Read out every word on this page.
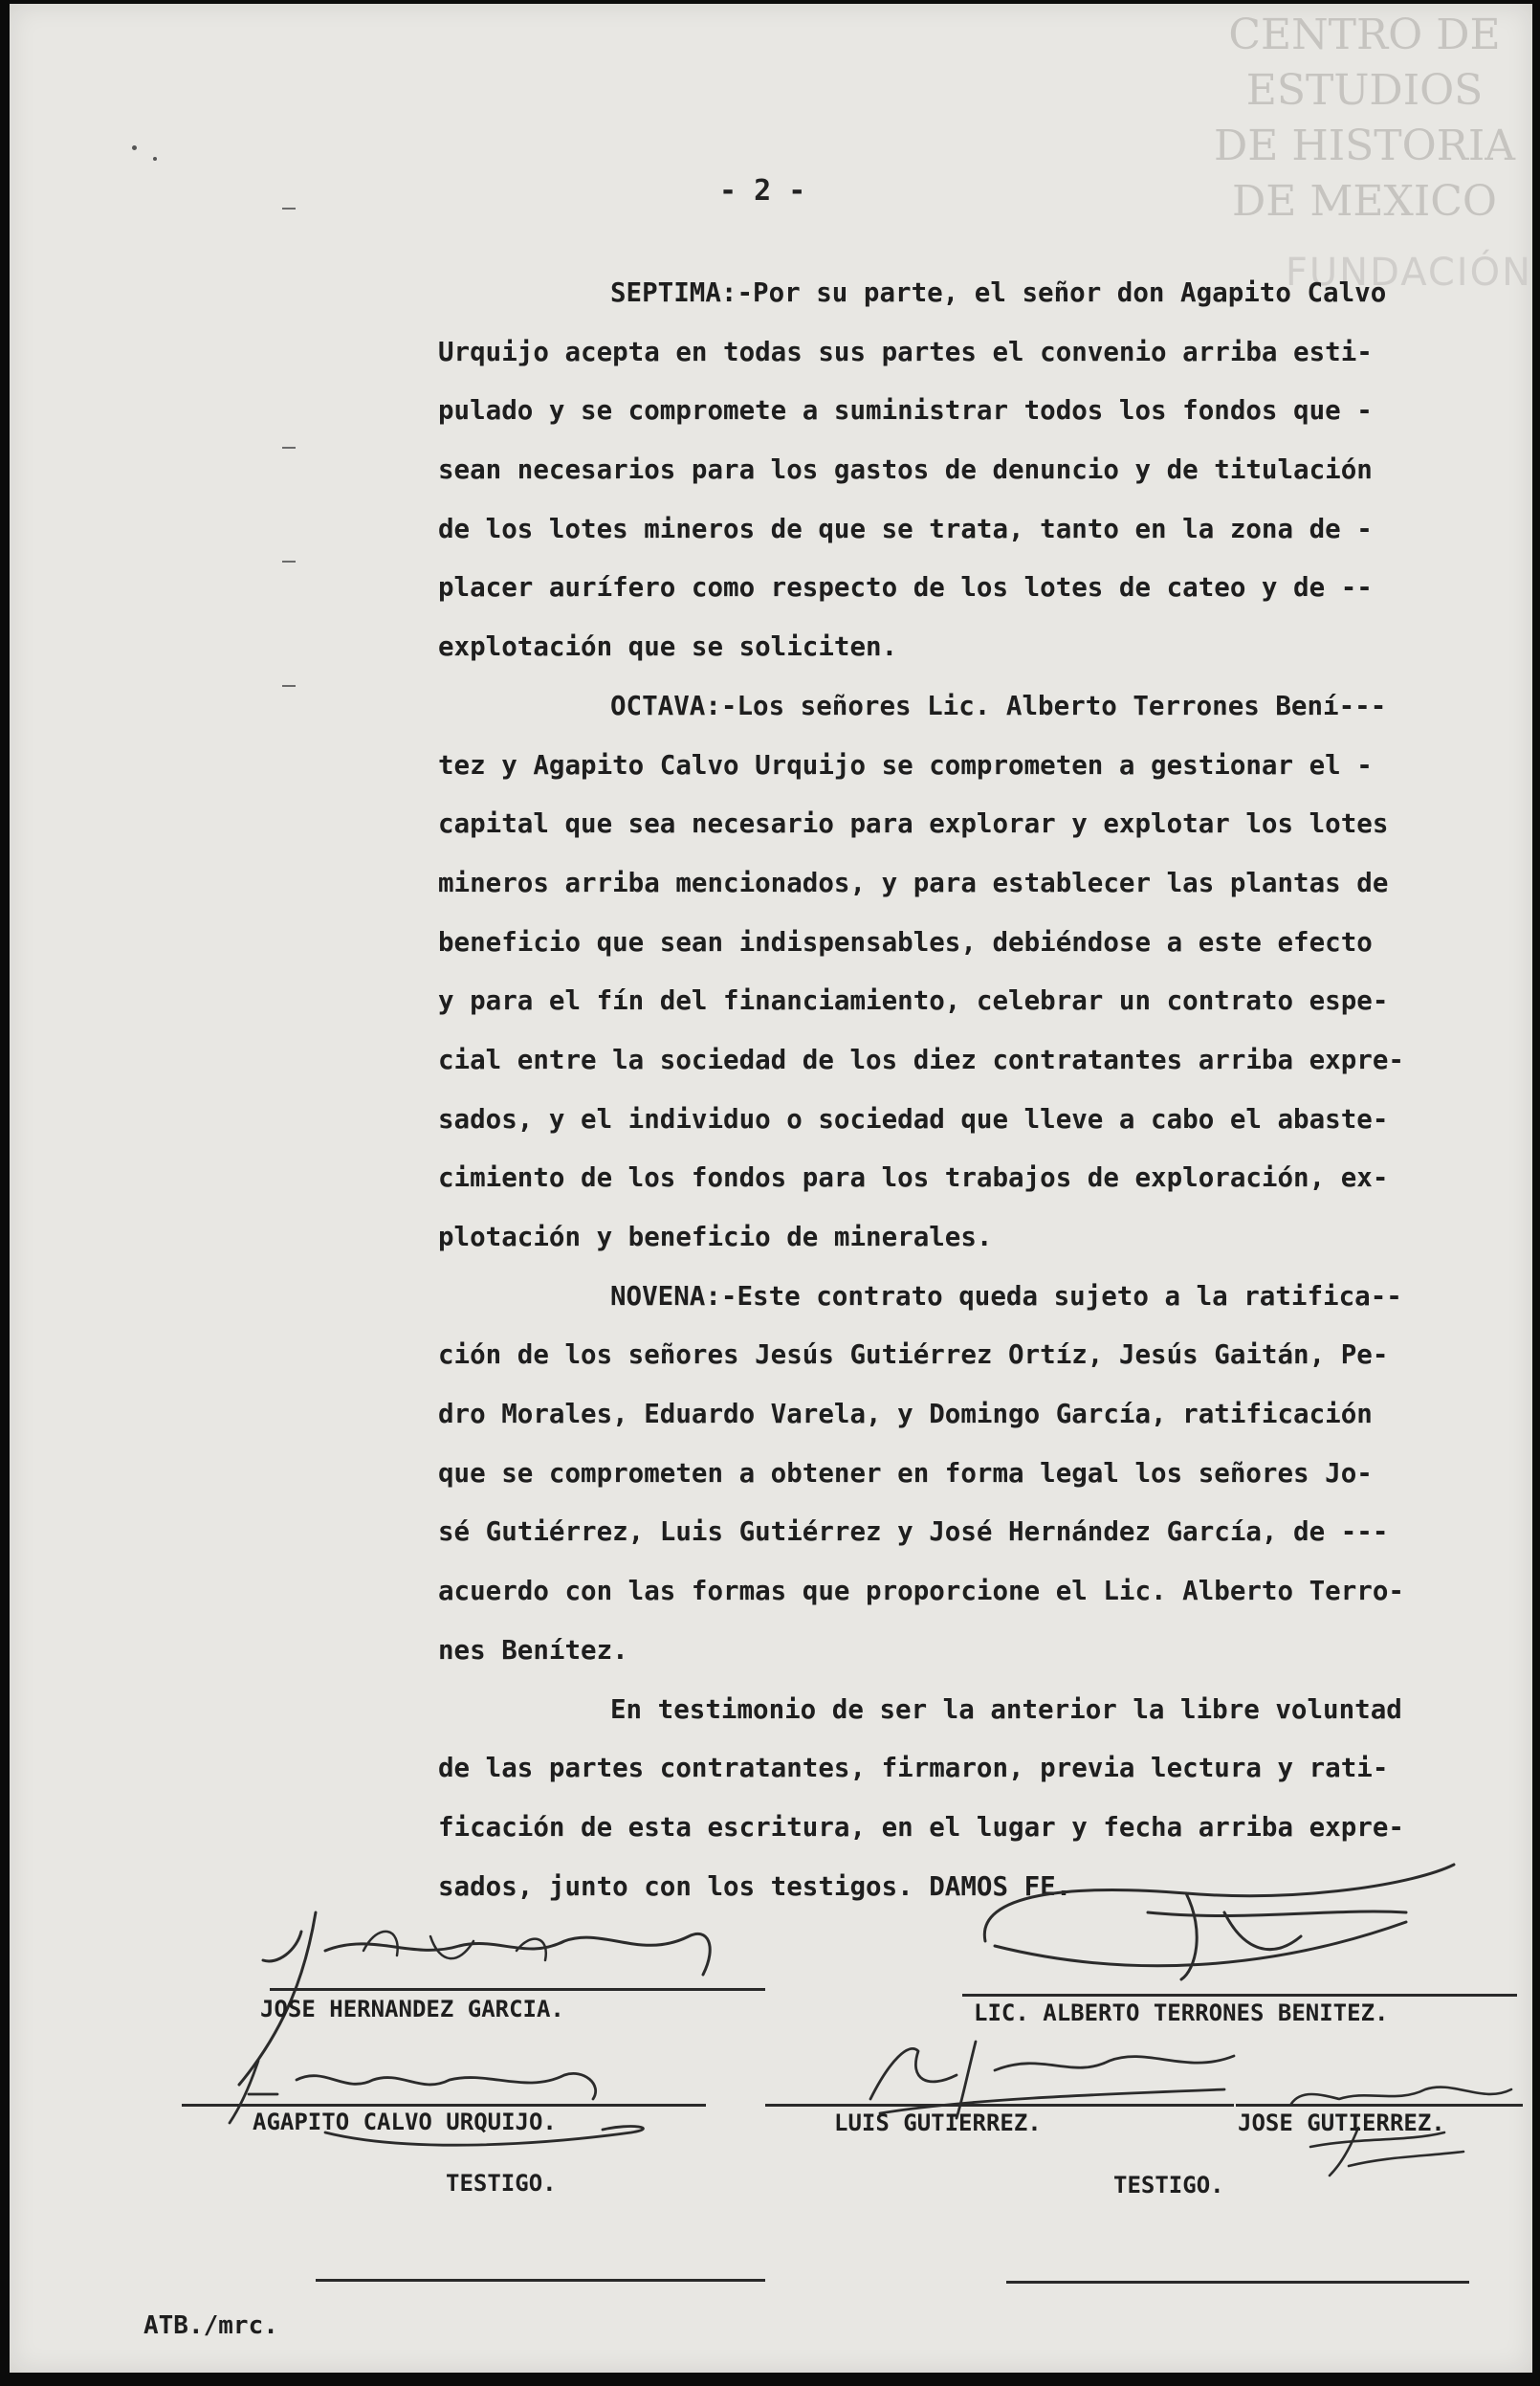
CENTRO DE
ESTUDIOS
DE HISTORIA
DE MEXICO
FUNDACIÓN
- 2 -
SEPTIMA:-Por su parte, el señor don Agapito Calvo
Urquijo acepta en todas sus partes el convenio arriba esti-
pulado y se compromete a suministrar todos los fondos que -
sean necesarios para los gastos de denuncio y de titulación
de los lotes mineros de que se trata, tanto en la zona de -
placer aurífero como respecto de los lotes de cateo y de --
explotación que se soliciten.
OCTAVA:-Los señores Lic. Alberto Terrones Bení---
tez y Agapito Calvo Urquijo se comprometen a gestionar el -
capital que sea necesario para explorar y explotar los lotes
mineros arriba mencionados, y para establecer las plantas de
beneficio que sean indispensables, debiéndose a este efecto
y para el fín del financiamiento, celebrar un contrato espe-
cial entre la sociedad de los diez contratantes arriba expre-
sados, y el individuo o sociedad que lleve a cabo el abaste-
cimiento de los fondos para los trabajos de exploración, ex-
plotación y beneficio de minerales.
NOVENA:-Este contrato queda sujeto a la ratifica--
ción de los señores Jesús Gutiérrez Ortíz, Jesús Gaitán, Pe-
dro Morales, Eduardo Varela, y Domingo García, ratificación
que se comprometen a obtener en forma legal los señores Jo-
sé Gutiérrez, Luis Gutiérrez y José Hernández García, de ---
acuerdo con las formas que proporcione el Lic. Alberto Terro-
nes Benítez.
En testimonio de ser la anterior la libre voluntad
de las partes contratantes, firmaron, previa lectura y rati-
ficación de esta escritura, en el lugar y fecha arriba expre-
sados, junto con los testigos. DAMOS FE.
JOSE HERNANDEZ GARCIA.	LIC. ALBERTO TERRONES BENITEZ.
AGAPITO CALVO URQUIJO.
TESTIGO.
LUIS GUTIERREZ.	JOSE GUTIERREZ.
TESTIGO.
ATB./mrc.
